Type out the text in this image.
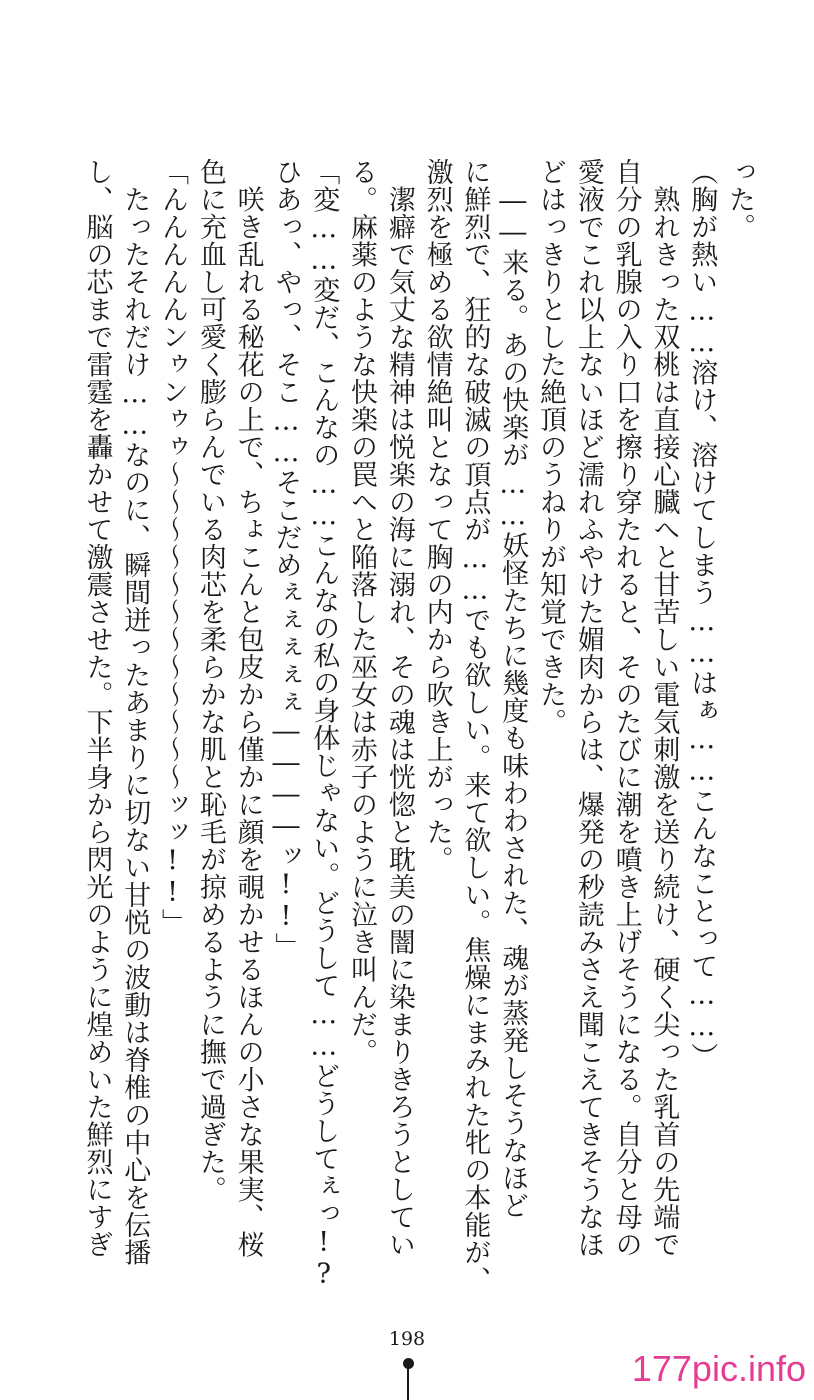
った。
（胸が熱い……溶け、溶けてしまう……はぁ……こんなことって……）
　熟れきった双桃は直接心臓へと甘苦しい電気刺激を送り続け、硬く尖った乳首の先端で
自分の乳腺の入り口を擦り穿たれると、そのたびに潮を噴き上げそうになる。自分と母の
愛液でこれ以上ないほど濡れふやけた媚肉からは、爆発の秒読みさえ聞こえてきそうなほ
どはっきりとした絶頂のうねりが知覚できた。
　――来る。あの快楽が……妖怪たちに幾度も味わわされた、魂が蒸発しそうなほど
に鮮烈で、狂的な破滅の頂点が……でも欲しい。来て欲しい。焦燥にまみれた牝の本能が、
激烈を極める欲情絶叫となって胸の内から吹き上がった。
　潔癖で気丈な精神は悦楽の海に溺れ、その魂は恍惚と耽美の闇に染まりきろうとしてい
る。麻薬のような快楽の罠へと陥落した巫女は赤子のように泣き叫んだ。
「変……変だ、こんなの……こんなの私の身体じゃない。どうして……どうしてぇっ!?
ひあっ、やっ、そこ……そこだめぇぇぇぇぇ――――ッ!!」
　咲き乱れる秘花の上で、ちょこんと包皮から僅かに顔を覗かせるほんの小さな果実、桜
色に充血し可愛く膨らんでいる肉芯を柔らかな肌と恥毛が掠めるように撫で過ぎた。
「んんんんんンゥンゥゥ〜〜〜〜〜〜〜〜〜〜〜〜ッッ!!」
　たったそれだけ……なのに、瞬間迸ったあまりに切ない甘悦の波動は脊椎の中心を伝播
し、脳の芯まで雷霆を轟かせて激震させた。下半身から閃光のように煌めいた鮮烈にすぎ
198
177pic.info
